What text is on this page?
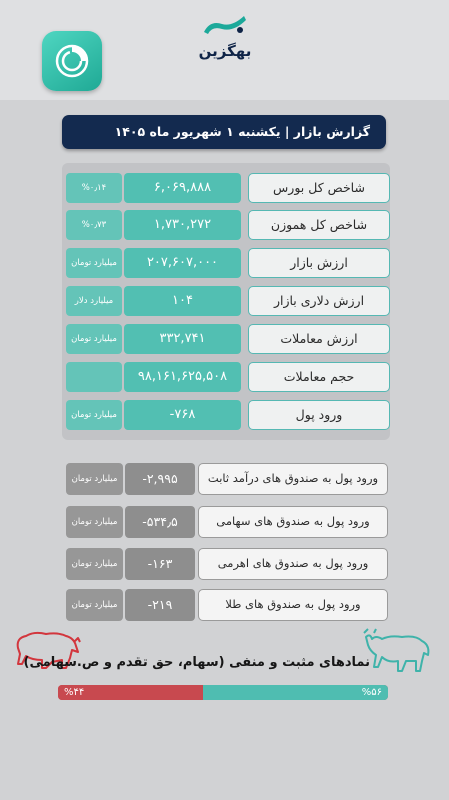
بهگزین
گزارش بازار | یکشنبه ۱ شهریور ماه ۱۴۰۵
%۰٫۱۴	۶,۰۶۹,۸۸۸	شاخص کل بورس
%۰٫۷۳	۱,۷۳۰,۲۷۲	شاخص کل هموزن
میلیارد تومان	۲۰۷,۶۰۷,۰۰۰	ارزش بازار
میلیارد دلار	۱۰۴	ارزش دلاری بازار
میلیارد تومان	۳۳۲,۷۴۱	ارزش معاملات
۹۸,۱۶۱,۶۲۵,۵۰۸	حجم معاملات
میلیارد تومان	-۷۶۸	ورود پول
میلیارد تومان	-۲,۹۹۵	ورود پول به صندوق های درآمد ثابت
میلیارد تومان	-۵۳۴٫۵	ورود پول به صندوق های سهامی
میلیارد تومان	-۱۶۳	ورود پول به صندوق های اهرمی
میلیارد تومان	-۲۱۹	ورود پول به صندوق های طلا
نمادهای مثبت و منفی (سهام، حق تقدم و ص.سهامی)
%۴۴	%۵۶
